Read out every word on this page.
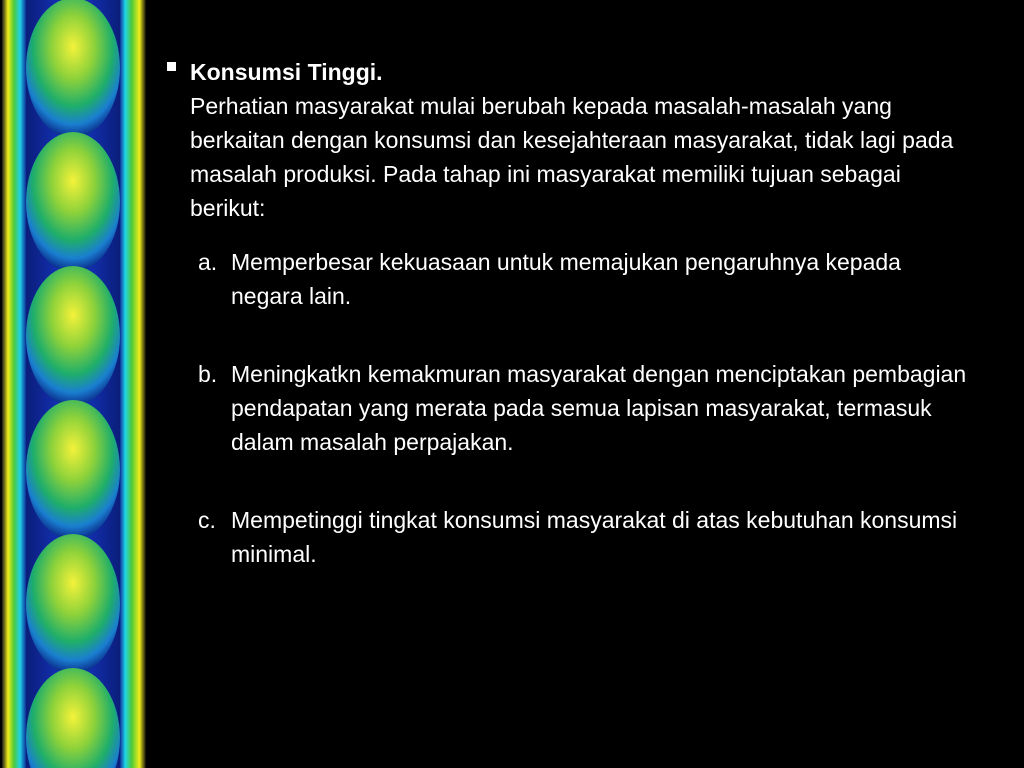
Konsumsi Tinggi.
Perhatian masyarakat mulai berubah kepada masalah-masalah yang berkaitan dengan konsumsi dan kesejahteraan masyarakat, tidak lagi pada masalah produksi. Pada tahap ini masyarakat memiliki tujuan sebagai berikut:
a. Memperbesar kekuasaan untuk memajukan pengaruhnya kepada negara lain.
b. Meningkatkn kemakmuran masyarakat dengan menciptakan pembagian pendapatan yang merata pada semua lapisan masyarakat, termasuk dalam masalah perpajakan.
c. Mempetinggi tingkat konsumsi masyarakat di atas kebutuhan konsumsi minimal.
